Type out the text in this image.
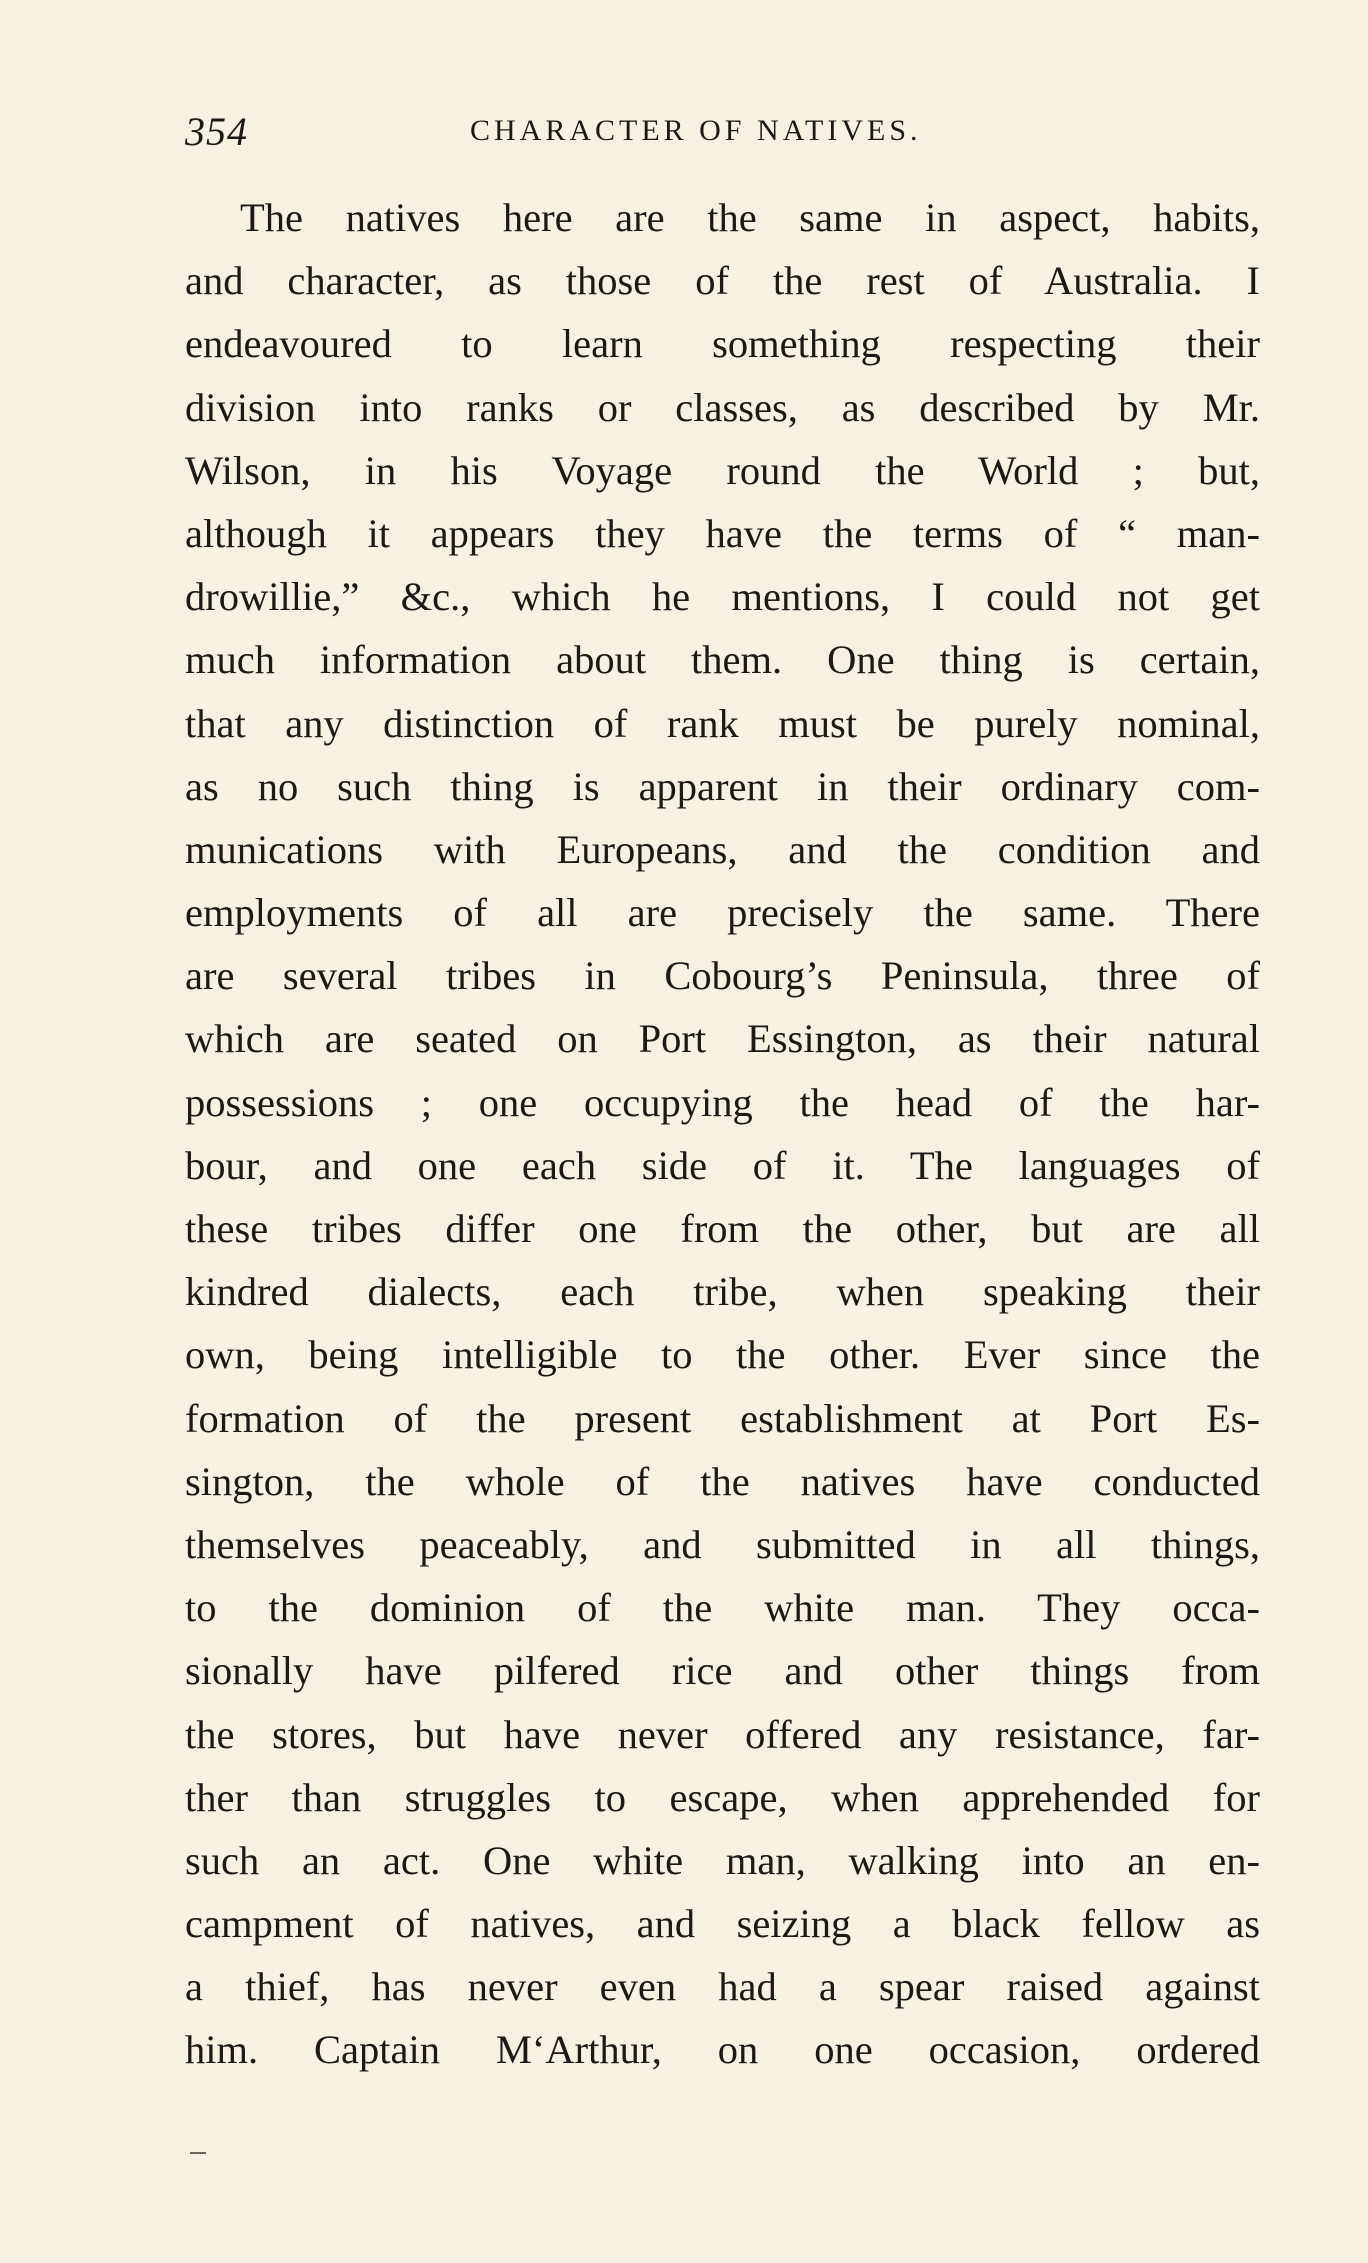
354	CHARACTER OF NATIVES.
The natives here are the same in aspect, habits,
and character, as those of the rest of Australia. I
endeavoured to learn something respecting their
division into ranks or classes, as described by Mr.
Wilson, in his Voyage round the World ; but,
although it appears they have the terms of “ man-
drowillie,” &c., which he mentions, I could not get
much information about them. One thing is certain,
that any distinction of rank must be purely nominal,
as no such thing is apparent in their ordinary com-
munications with Europeans, and the condition and
employments of all are precisely the same. There
are several tribes in Cobourg’s Peninsula, three of
which are seated on Port Essington, as their natural
possessions ; one occupying the head of the har-
bour, and one each side of it. The languages of
these tribes differ one from the other, but are all
kindred dialects, each tribe, when speaking their
own, being intelligible to the other. Ever since the
formation of the present establishment at Port Es-
sington, the whole of the natives have conducted
themselves peaceably, and submitted in all things,
to the dominion of the white man. They occa-
sionally have pilfered rice and other things from
the stores, but have never offered any resistance, far-
ther than struggles to escape, when apprehended for
such an act. One white man, walking into an en-
campment of natives, and seizing a black fellow as
a thief, has never even had a spear raised against
him. Captain M‘Arthur, on one occasion, ordered
